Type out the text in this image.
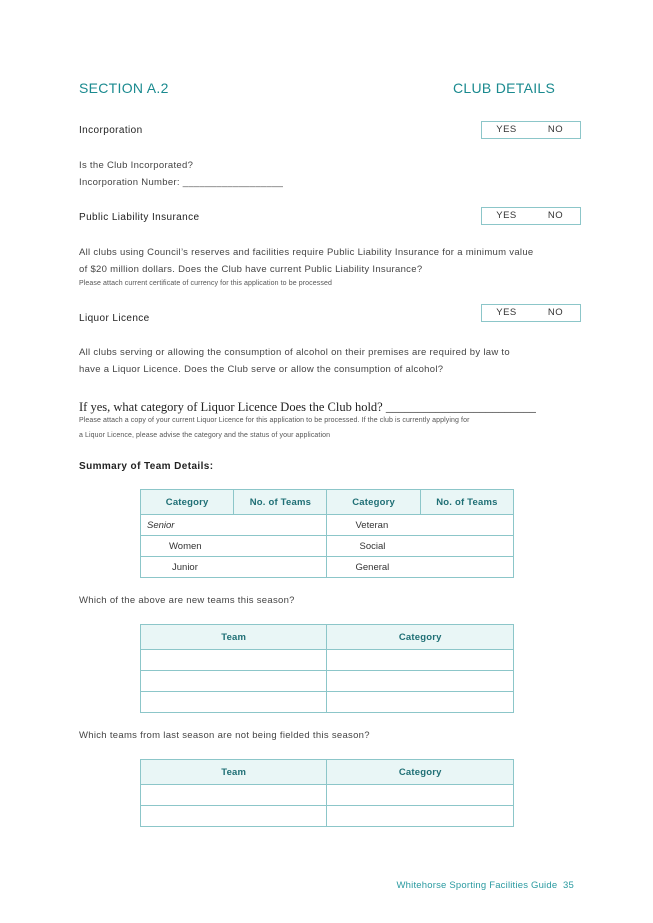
SECTION A.2	CLUB DETAILS
Incorporation	YES	NO
Is the Club Incorporated?
Incorporation Number: __________________
Public Liability Insurance	YES	NO
All clubs using Council’s reserves and facilities require Public Liability Insurance for a minimum value
of $20 million dollars. Does the Club have current Public Liability Insurance?
Please attach current certificate of currency for this application to be processed
Liquor Licence
YES	NO
All clubs serving or allowing the consumption of alcohol on their premises are required by law to
have a Liquor Licence. Does the Club serve or allow the consumption of alcohol?
If yes, what category of Liquor Licence Does the Club hold? ________________________
Please attach a copy of your current Liquor Licence for this application to be processed. If the club is currently applying for
a Liquor Licence, please advise the category and the status of your application
Summary of Team Details:
Category	No. of Teams	Category	No. of Teams
Senior		Veteran	
Women		Social	
Junior		General	
Which of the above are new teams this season?
Team	Category

Which teams from last season are not being fielded this season?
Team	Category

Whitehorse Sporting Facilities Guide 35
